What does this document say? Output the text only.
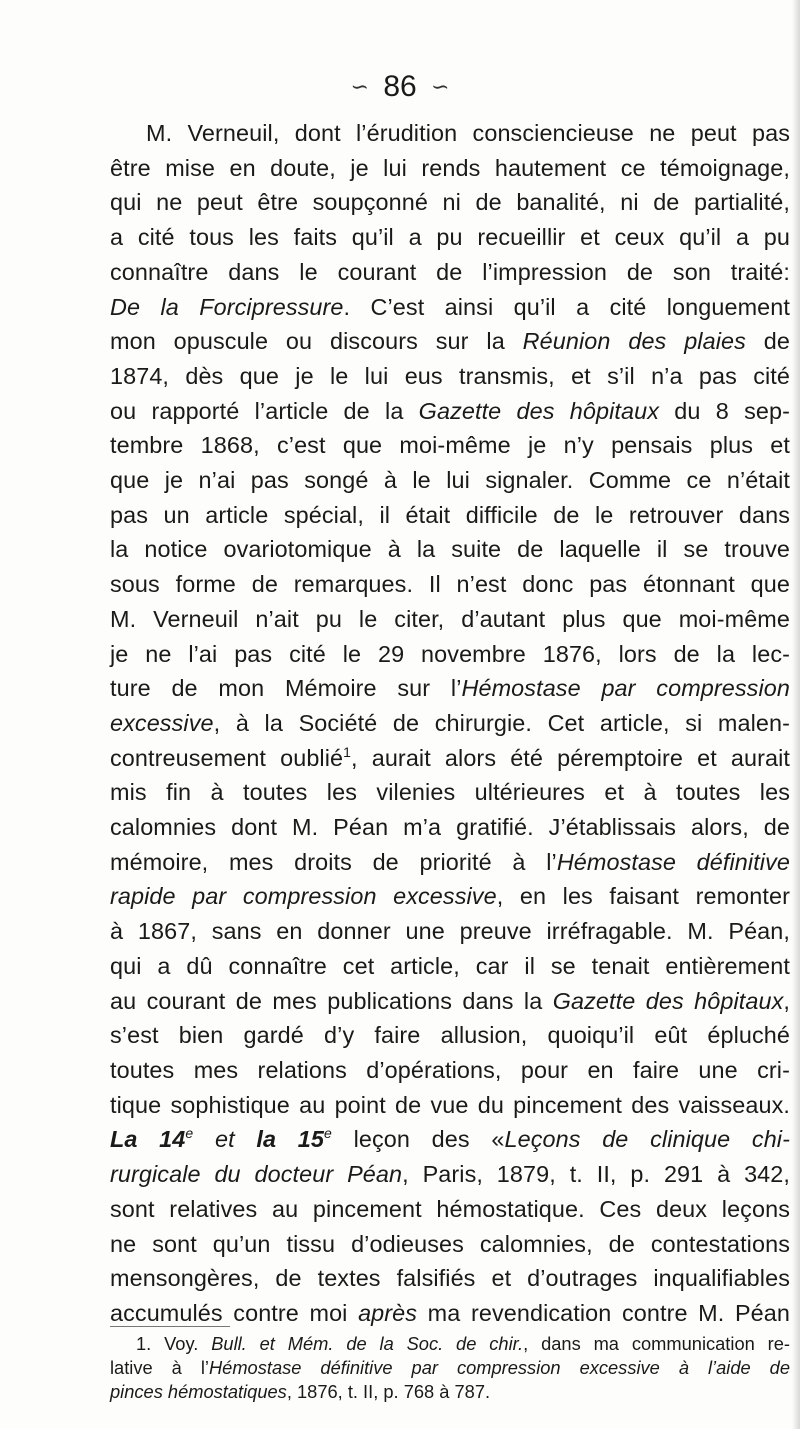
∽ 86 ∽

M. Verneuil, dont l’érudition consciencieuse ne peut pas
être mise en doute, je lui rends hautement ce témoignage,
qui ne peut être soupçonné ni de banalité, ni de partialité,
a cité tous les faits qu’il a pu recueillir et ceux qu’il a pu
connaître dans le courant de l’impression de son traité:
De la Forcipressure. C’est ainsi qu’il a cité longuement
mon opuscule ou discours sur la Réunion des plaies de
1874, dès que je le lui eus transmis, et s’il n’a pas cité
ou rapporté l’article de la Gazette des hôpitaux du 8 sep-
tembre 1868, c’est que moi-même je n’y pensais plus et
que je n’ai pas songé à le lui signaler. Comme ce n’était
pas un article spécial, il était difficile de le retrouver dans
la notice ovariotomique à la suite de laquelle il se trouve
sous forme de remarques. Il n’est donc pas étonnant que
M. Verneuil n’ait pu le citer, d’autant plus que moi-même
je ne l’ai pas cité le 29 novembre 1876, lors de la lec-
ture de mon Mémoire sur l’Hémostase par compression
excessive, à la Société de chirurgie. Cet article, si malen-
contreusement oublié$^1$, aurait alors été péremptoire et aurait
mis fin à toutes les vilenies ultérieures et à toutes les
calomnies dont M. Péan m’a gratifié. J’établissais alors, de
mémoire, mes droits de priorité à l’Hémostase définitive
rapide par compression excessive, en les faisant remonter
à 1867, sans en donner une preuve irréfragable. M. Péan,
qui a dû connaître cet article, car il se tenait entièrement
au courant de mes publications dans la Gazette des hôpitaux,
s’est bien gardé d’y faire allusion, quoiqu’il eût épluché
toutes mes relations d’opérations, pour en faire une cri-
tique sophistique au point de vue du pincement des vaisseaux.
La 14e et la 15e leçon des «Leçons de clinique chi-
rurgicale du docteur Péan, Paris, 1879, t. II, p. 291 à 342,
sont relatives au pincement hémostatique. Ces deux leçons
ne sont qu’un tissu d’odieuses calomnies, de contestations
mensongères, de textes falsifiés et d’outrages inqualifiables
accumulés contre moi après ma revendication contre M. Péan

1. Voy. Bull. et Mém. de la Soc. de chir., dans ma communication re-
lative à l’Hémostase définitive par compression excessive à l’aide de
pinces hémostatiques, 1876, t. II, p. 768 à 787.
